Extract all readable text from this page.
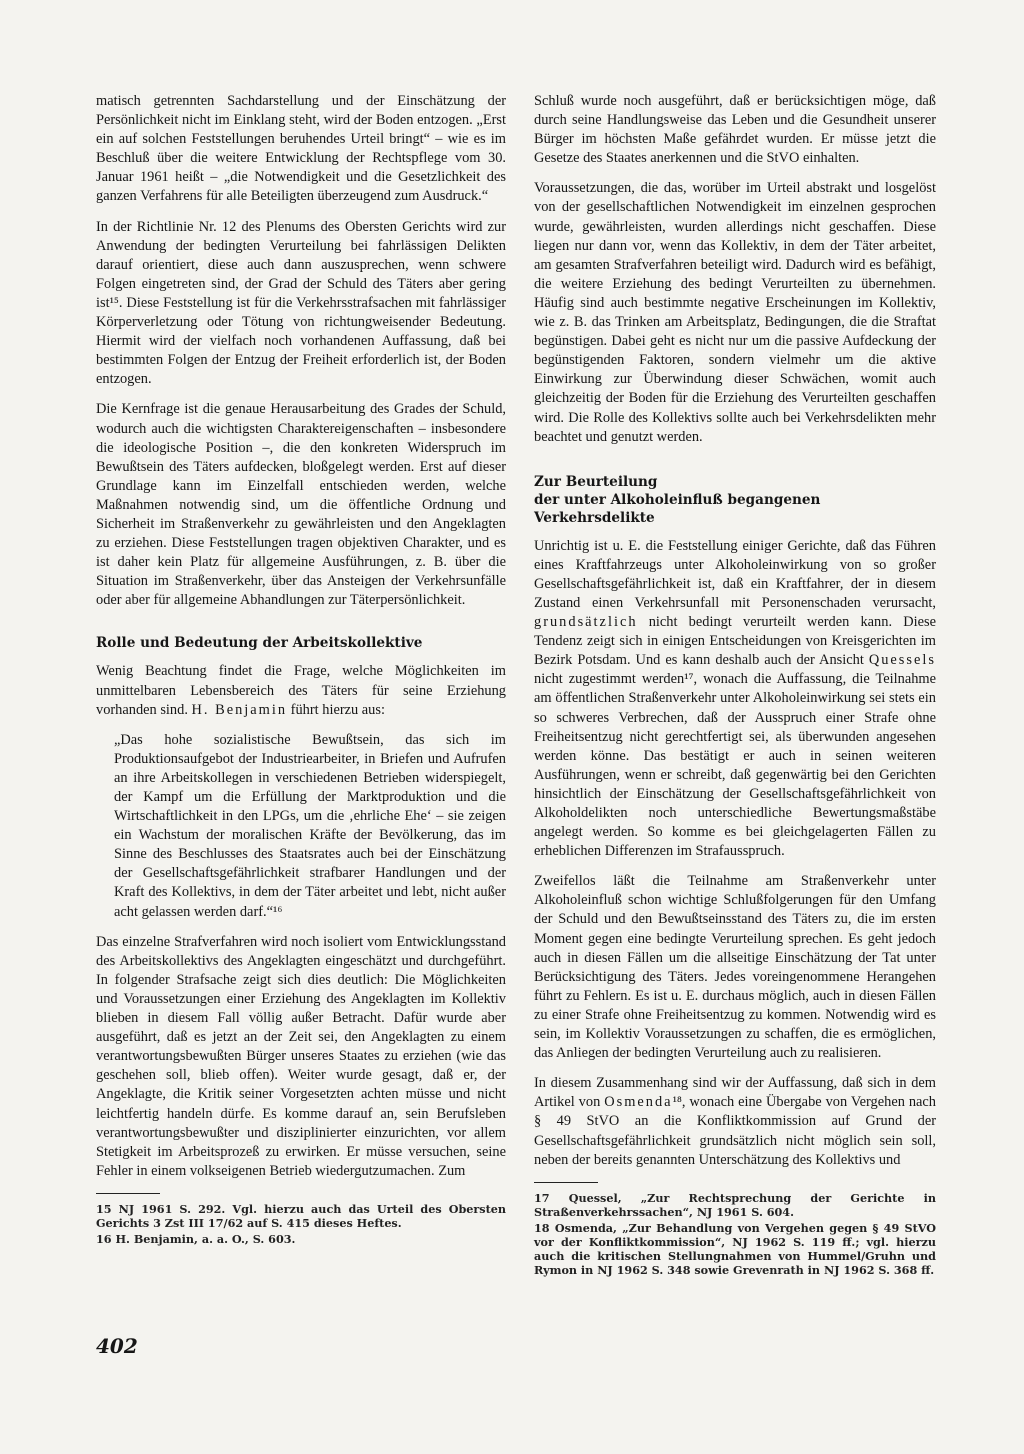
matisch getrennten Sachdarstellung und der Einschätzung der Persönlichkeit nicht im Einklang steht, wird der Boden entzogen. „Erst ein auf solchen Feststellungen beruhendes Urteil bringt“ – wie es im Beschluß über die weitere Entwicklung der Rechtspflege vom 30. Januar 1961 heißt – „die Notwendigkeit und die Gesetzlichkeit des ganzen Verfahrens für alle Beteiligten überzeugend zum Ausdruck.“

In der Richtlinie Nr. 12 des Plenums des Obersten Gerichts wird zur Anwendung der bedingten Verurteilung bei fahrlässigen Delikten darauf orientiert, diese auch dann auszusprechen, wenn schwere Folgen eingetreten sind, der Grad der Schuld des Täters aber gering ist¹⁵. Diese Feststellung ist für die Verkehrsstrafsachen mit fahrlässiger Körperverletzung oder Tötung von richtungweisender Bedeutung. Hiermit wird der vielfach noch vorhandenen Auffassung, daß bei bestimmten Folgen der Entzug der Freiheit erforderlich ist, der Boden entzogen.

Die Kernfrage ist die genaue Herausarbeitung des Grades der Schuld, wodurch auch die wichtigsten Charaktereigenschaften – insbesondere die ideologische Position –, die den konkreten Widerspruch im Bewußtsein des Täters aufdecken, bloßgelegt werden. Erst auf dieser Grundlage kann im Einzelfall entschieden werden, welche Maßnahmen notwendig sind, um die öffentliche Ordnung und Sicherheit im Straßenverkehr zu gewährleisten und den Angeklagten zu erziehen. Diese Feststellungen tragen objektiven Charakter, und es ist daher kein Platz für allgemeine Ausführungen, z. B. über die Situation im Straßenverkehr, über das Ansteigen der Verkehrsunfälle oder aber für allgemeine Abhandlungen zur Täterpersönlichkeit.

Rolle und Bedeutung der Arbeitskollektive

Wenig Beachtung findet die Frage, welche Möglichkeiten im unmittelbaren Lebensbereich des Täters für seine Erziehung vorhanden sind. H. Benjamin führt hierzu aus:

„Das hohe sozialistische Bewußtsein, das sich im Produktionsaufgebot der Industriearbeiter, in Briefen und Aufrufen an ihre Arbeitskollegen in verschiedenen Betrieben widerspiegelt, der Kampf um die Erfüllung der Marktproduktion und die Wirtschaftlichkeit in den LPGs, um die ‚ehrliche Ehe‘ – sie zeigen ein Wachstum der moralischen Kräfte der Bevölkerung, das im Sinne des Beschlusses des Staatsrates auch bei der Einschätzung der Gesellschaftsgefährlichkeit strafbarer Handlungen und der Kraft des Kollektivs, in dem der Täter arbeitet und lebt, nicht außer acht gelassen werden darf.“¹⁶

Das einzelne Strafverfahren wird noch isoliert vom Entwicklungsstand des Arbeitskollektivs des Angeklagten eingeschätzt und durchgeführt. In folgender Strafsache zeigt sich dies deutlich: Die Möglichkeiten und Voraussetzungen einer Erziehung des Angeklagten im Kollektiv blieben in diesem Fall völlig außer Betracht. Dafür wurde aber ausgeführt, daß es jetzt an der Zeit sei, den Angeklagten zu einem verantwortungsbewußten Bürger unseres Staates zu erziehen (wie das geschehen soll, blieb offen). Weiter wurde gesagt, daß er, der Angeklagte, die Kritik seiner Vorgesetzten achten müsse und nicht leichtfertig handeln dürfe. Es komme darauf an, sein Berufsleben verantwortungsbewußter und disziplinierter einzurichten, vor allem Stetigkeit im Arbeitsprozeß zu erwirken. Er müsse versuchen, seine Fehler in einem volkseigenen Betrieb wiedergutzumachen. Zum

15 NJ 1961 S. 292. Vgl. hierzu auch das Urteil des Obersten Gerichts 3 Zst III 17/62 auf S. 415 dieses Heftes.

16 H. Benjamin, a. a. O., S. 603.

Schluß wurde noch ausgeführt, daß er berücksichtigen möge, daß durch seine Handlungsweise das Leben und die Gesundheit unserer Bürger im höchsten Maße gefährdet wurden. Er müsse jetzt die Gesetze des Staates anerkennen und die StVO einhalten.

Voraussetzungen, die das, worüber im Urteil abstrakt und losgelöst von der gesellschaftlichen Notwendigkeit im einzelnen gesprochen wurde, gewährleisten, wurden allerdings nicht geschaffen. Diese liegen nur dann vor, wenn das Kollektiv, in dem der Täter arbeitet, am gesamten Strafverfahren beteiligt wird. Dadurch wird es befähigt, die weitere Erziehung des bedingt Verurteilten zu übernehmen. Häufig sind auch bestimmte negative Erscheinungen im Kollektiv, wie z. B. das Trinken am Arbeitsplatz, Bedingungen, die die Straftat begünstigen. Dabei geht es nicht nur um die passive Aufdeckung der begünstigenden Faktoren, sondern vielmehr um die aktive Einwirkung zur Überwindung dieser Schwächen, womit auch gleichzeitig der Boden für die Erziehung des Verurteilten geschaffen wird. Die Rolle des Kollektivs sollte auch bei Verkehrsdelikten mehr beachtet und genutzt werden.

Zur Beurteilung
der unter Alkoholeinfluß begangenen Verkehrsdelikte

Unrichtig ist u. E. die Feststellung einiger Gerichte, daß das Führen eines Kraftfahrzeugs unter Alkoholeinwirkung von so großer Gesellschaftsgefährlichkeit ist, daß ein Kraftfahrer, der in diesem Zustand einen Verkehrsunfall mit Personenschaden verursacht, grundsätzlich nicht bedingt verurteilt werden kann. Diese Tendenz zeigt sich in einigen Entscheidungen von Kreisgerichten im Bezirk Potsdam. Und es kann deshalb auch der Ansicht Quessels nicht zugestimmt werden¹⁷, wonach die Auffassung, die Teilnahme am öffentlichen Straßenverkehr unter Alkoholeinwirkung sei stets ein so schweres Verbrechen, daß der Ausspruch einer Strafe ohne Freiheitsentzug nicht gerechtfertigt sei, als überwunden angesehen werden könne. Das bestätigt er auch in seinen weiteren Ausführungen, wenn er schreibt, daß gegenwärtig bei den Gerichten hinsichtlich der Einschätzung der Gesellschaftsgefährlichkeit von Alkoholdelikten noch unterschiedliche Bewertungsmaßstäbe angelegt werden. So komme es bei gleichgelagerten Fällen zu erheblichen Differenzen im Strafausspruch.

Zweifellos läßt die Teilnahme am Straßenverkehr unter Alkoholeinfluß schon wichtige Schlußfolgerungen für den Umfang der Schuld und den Bewußtseinsstand des Täters zu, die im ersten Moment gegen eine bedingte Verurteilung sprechen. Es geht jedoch auch in diesen Fällen um die allseitige Einschätzung der Tat unter Berücksichtigung des Täters. Jedes voreingenommene Herangehen führt zu Fehlern. Es ist u. E. durchaus möglich, auch in diesen Fällen zu einer Strafe ohne Freiheitsentzug zu kommen. Notwendig wird es sein, im Kollektiv Voraussetzungen zu schaffen, die es ermöglichen, das Anliegen der bedingten Verurteilung auch zu realisieren.

In diesem Zusammenhang sind wir der Auffassung, daß sich in dem Artikel von Osmenda¹⁸, wonach eine Übergabe von Vergehen nach § 49 StVO an die Konfliktkommission auf Grund der Gesellschaftsgefährlichkeit grundsätzlich nicht möglich sein soll, neben der bereits genannten Unterschätzung des Kollektivs und

17 Quessel, „Zur Rechtsprechung der Gerichte in Straßenverkehrssachen“, NJ 1961 S. 604.

18 Osmenda, „Zur Behandlung von Vergehen gegen § 49 StVO vor der Konfliktkommission“, NJ 1962 S. 119 ff.; vgl. hierzu auch die kritischen Stellungnahmen von Hummel/Gruhn und Rymon in NJ 1962 S. 348 sowie Grevenrath in NJ 1962 S. 368 ff.

402
